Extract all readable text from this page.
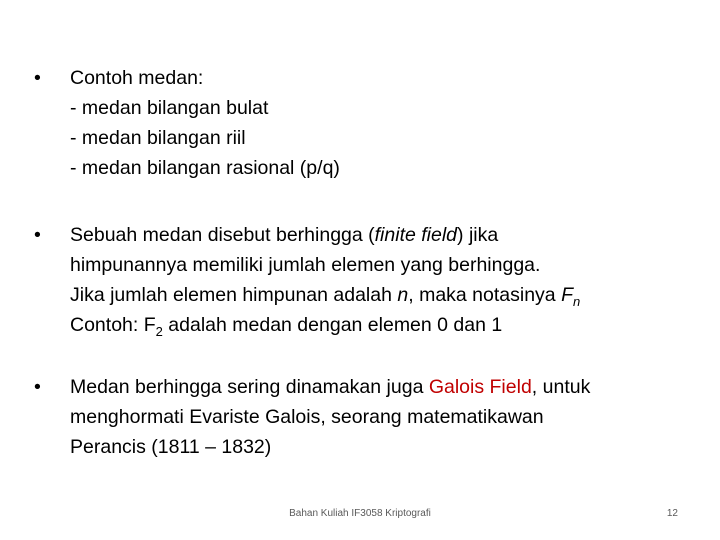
• Contoh medan:
- medan bilangan bulat
- medan bilangan riil
- medan bilangan rasional (p/q)
• Sebuah medan disebut berhingga (finite field) jika
himpunannya memiliki jumlah elemen yang berhingga.
Jika jumlah elemen himpunan adalah n, maka notasinya $F_n$
Contoh: $F_2$ adalah medan dengan elemen 0 dan 1
• Medan berhingga sering dinamakan juga Galois Field, untuk
menghormati Evariste Galois, seorang matematikawan
Perancis (1811 – 1832)
Bahan Kuliah IF3058 Kriptografi	12
